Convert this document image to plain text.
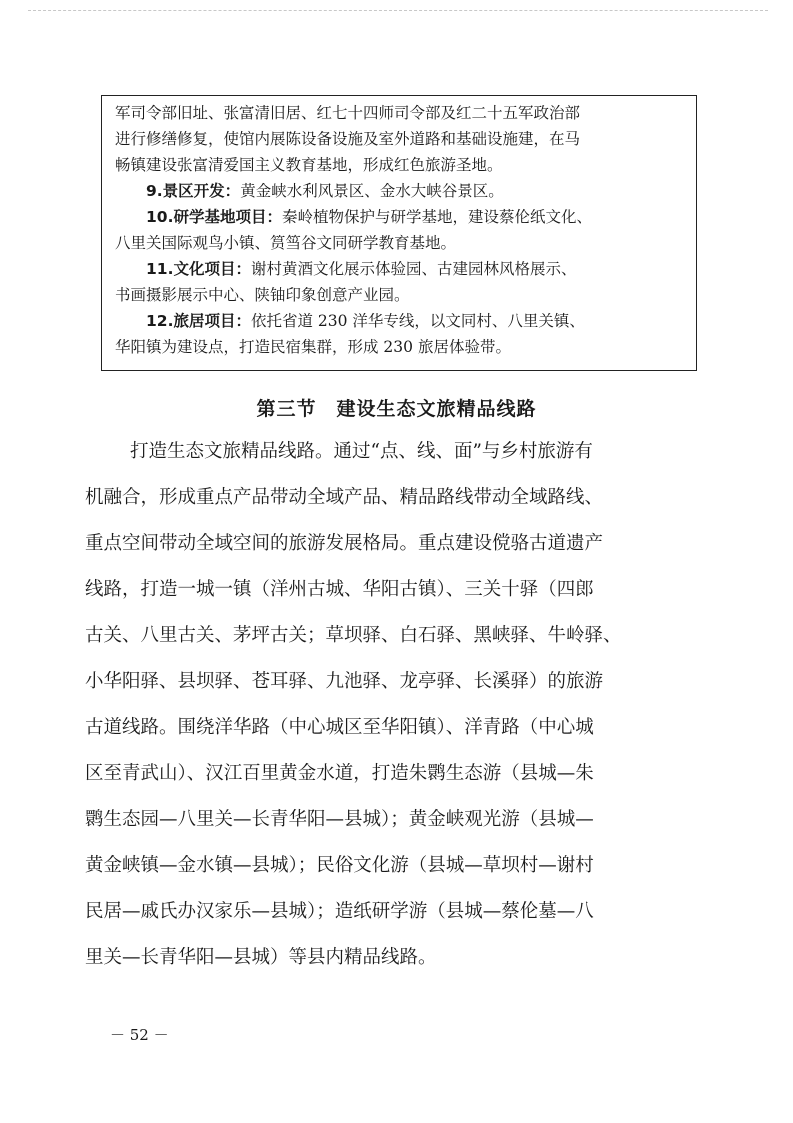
军司令部旧址、张富清旧居、红七十四师司令部及红二十五军政治部
进行修缮修复，使馆内展陈设备设施及室外道路和基础设施建，在马
畅镇建设张富清爱国主义教育基地，形成红色旅游圣地。
9.景区开发：黄金峡水利风景区、金水大峡谷景区。
10.研学基地项目：秦岭植物保护与研学基地，建设蔡伦纸文化、
八里关国际观鸟小镇、筼筜谷文同研学教育基地。
11.文化项目：谢村黄酒文化展示体验园、古建园林风格展示、
书画摄影展示中心、陕铀印象创意产业园。
12.旅居项目：依托省道 230 洋华专线，以文同村、八里关镇、
华阳镇为建设点，打造民宿集群，形成 230 旅居体验带。
第三节　建设生态文旅精品线路
打造生态文旅精品线路。通过“点、线、面”与乡村旅游有
机融合，形成重点产品带动全域产品、精品路线带动全域路线、
重点空间带动全域空间的旅游发展格局。重点建设傥骆古道遗产
线路，打造一城一镇（洋州古城、华阳古镇）、三关十驿（四郎
古关、八里古关、茅坪古关；草坝驿、白石驿、黑峡驿、牛岭驿、
小华阳驿、县坝驿、苍耳驿、九池驿、龙亭驿、长溪驿）的旅游
古道线路。围绕洋华路（中心城区至华阳镇）、洋青路（中心城
区至青武山）、汉江百里黄金水道，打造朱鹮生态游（县城—朱
鹮生态园—八里关—长青华阳—县城）；黄金峡观光游（县城—
黄金峡镇—金水镇—县城）；民俗文化游（县城—草坝村—谢村
民居—戚氏办汉家乐—县城）；造纸研学游（县城—蔡伦墓—八
里关—长青华阳—县城）等县内精品线路。
－ 52 －
